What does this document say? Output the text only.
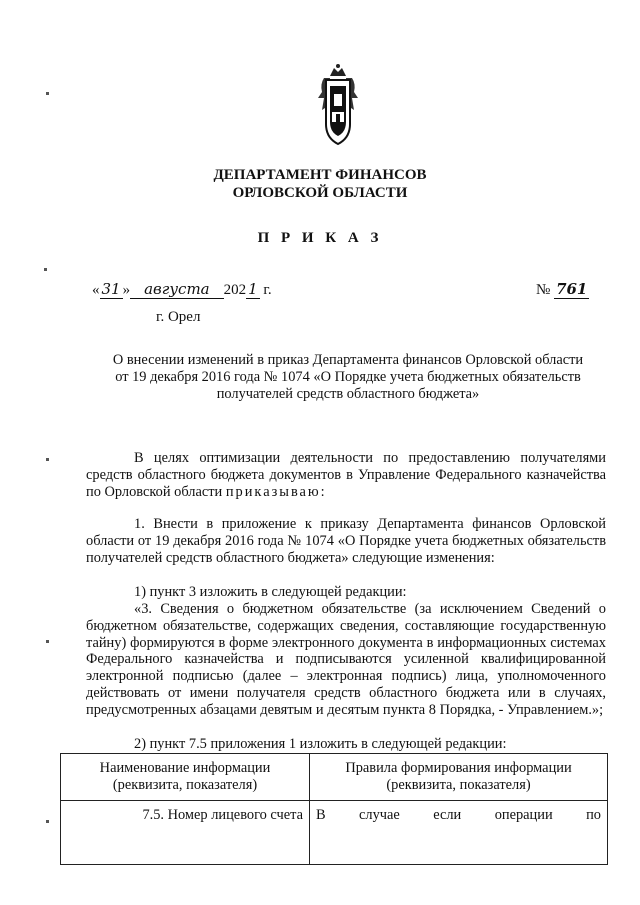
ДЕПАРТАМЕНТ ФИНАНСОВ
ОРЛОВСКОЙ ОБЛАСТИ
П Р И К А З
« 31 » августа 202 1 г.	№ 761
г. Орел
О внесении изменений в приказ Департамента финансов Орловской области
от 19 декабря 2016 года № 1074 «О Порядке учета бюджетных обязательств
получателей средств областного бюджета»

В целях оптимизации деятельности по предоставлению получателями средств областного бюджета документов в Управление Федерального казначейства по Орловской области приказываю:

1. Внести в приложение к приказу Департамента финансов Орловской области от 19 декабря 2016 года № 1074 «О Порядке учета бюджетных обязательств получателей средств областного бюджета» следующие изменения:

1) пункт 3 изложить в следующей редакции:

«3. Сведения о бюджетном обязательстве (за исключением Сведений о бюджетном обязательстве, содержащих сведения, составляющие государственную тайну) формируются в форме электронного документа в информационных системах Федерального казначейства и подписываются усиленной квалифицированной электронной подписью (далее – электронная подпись) лица, уполномоченного действовать от имени получателя средств областного бюджета или в случаях, предусмотренных абзацами девятым и десятым пункта 8 Порядка, - Управлением.»;

2) пункт 7.5 приложения 1 изложить в следующей редакции:

Наименование информации (реквизита, показателя)	Правила формирования информации (реквизита, показателя)
7.5. Номер лицевого счета	В случае если операции по
